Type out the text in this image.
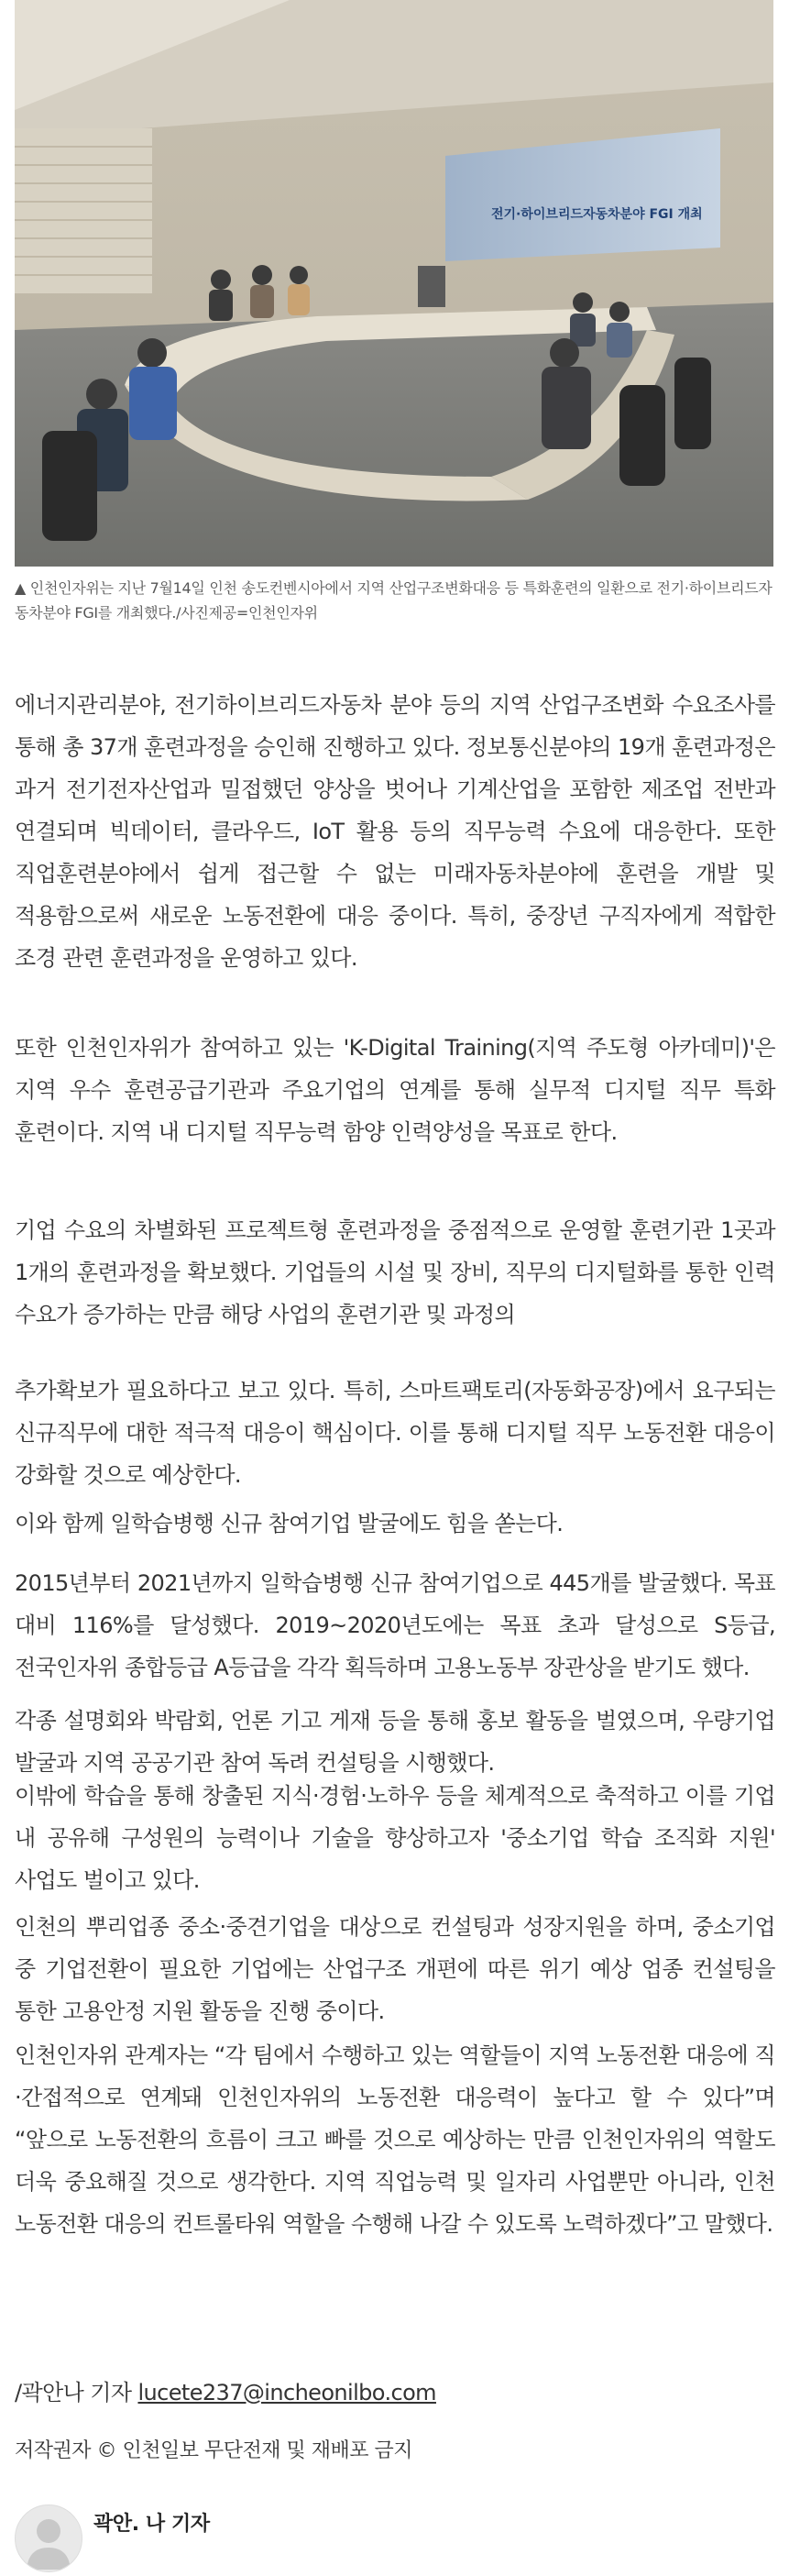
전기·하이브리드자동차분야 FGI 개최
▲ 인천인자위는 지난 7월14일 인천 송도컨벤시아에서 지역 산업구조변화대응 등 특화훈련의 일환으로 전기·하이브리드자동차분야 FGI를 개최했다./사진제공=인천인자위

에너지관리분야, 전기하이브리드자동차 분야 등의 지역 산업구조변화 수요조사를 통해 총 37개 훈련과정을 승인해 진행하고 있다. 정보통신분야의 19개 훈련과정은 과거 전기전자산업과 밀접했던 양상을 벗어나 기계산업을 포함한 제조업 전반과 연결되며 빅데이터, 클라우드, IoT 활용 등의 직무능력 수요에 대응한다. 또한 직업훈련분야에서 쉽게 접근할 수 없는 미래자동차분야에 훈련을 개발 및 적용함으로써 새로운 노동전환에 대응 중이다. 특히, 중장년 구직자에게 적합한 조경 관련 훈련과정을 운영하고 있다.

또한 인천인자위가 참여하고 있는 'K-Digital Training(지역 주도형 아카데미)'은 지역 우수 훈련공급기관과 주요기업의 연계를 통해 실무적 디지털 직무 특화 훈련이다. 지역 내 디지털 직무능력 함양 인력양성을 목표로 한다.

기업 수요의 차별화된 프로젝트형 훈련과정을 중점적으로 운영할 훈련기관 1곳과 1개의 훈련과정을 확보했다. 기업들의 시설 및 장비, 직무의 디지털화를 통한 인력 수요가 증가하는 만큼 해당 사업의 훈련기관 및 과정의

추가확보가 필요하다고 보고 있다. 특히, 스마트팩토리(자동화공장)에서 요구되는 신규직무에 대한 적극적 대응이 핵심이다. 이를 통해 디지털 직무 노동전환 대응이 강화할 것으로 예상한다.

이와 함께 일학습병행 신규 참여기업 발굴에도 힘을 쏟는다.

2015년부터 2021년까지 일학습병행 신규 참여기업으로 445개를 발굴했다. 목표 대비 116%를 달성했다. 2019~2020년도에는 목표 초과 달성으로 S등급, 전국인자위 종합등급 A등급을 각각 획득하며 고용노동부 장관상을 받기도 했다.

각종 설명회와 박람회, 언론 기고 게재 등을 통해 홍보 활동을 벌였으며, 우량기업 발굴과 지역 공공기관 참여 독려 컨설팅을 시행했다.

이밖에 학습을 통해 창출된 지식·경험·노하우 등을 체계적으로 축적하고 이를 기업 내 공유해 구성원의 능력이나 기술을 향상하고자 '중소기업 학습 조직화 지원' 사업도 벌이고 있다.

인천의 뿌리업종 중소·중견기업을 대상으로 컨설팅과 성장지원을 하며, 중소기업 중 기업전환이 필요한 기업에는 산업구조 개편에 따른 위기 예상 업종 컨설팅을 통한 고용안정 지원 활동을 진행 중이다.

인천인자위 관계자는 “각 팀에서 수행하고 있는 역할들이 지역 노동전환 대응에 직·간접적으로 연계돼 인천인자위의 노동전환 대응력이 높다고 할 수 있다”며 “앞으로 노동전환의 흐름이 크고 빠를 것으로 예상하는 만큼 인천인자위의 역할도 더욱 중요해질 것으로 생각한다. 지역 직업능력 및 일자리 사업뿐만 아니라, 인천 노동전환 대응의 컨트롤타워 역할을 수행해 나갈 수 있도록 노력하겠다”고 말했다.

/곽안나 기자 lucete237@incheonilbo.com
저작권자 © 인천일보 무단전재 및 재배포 금지
곽안. 나 기자
